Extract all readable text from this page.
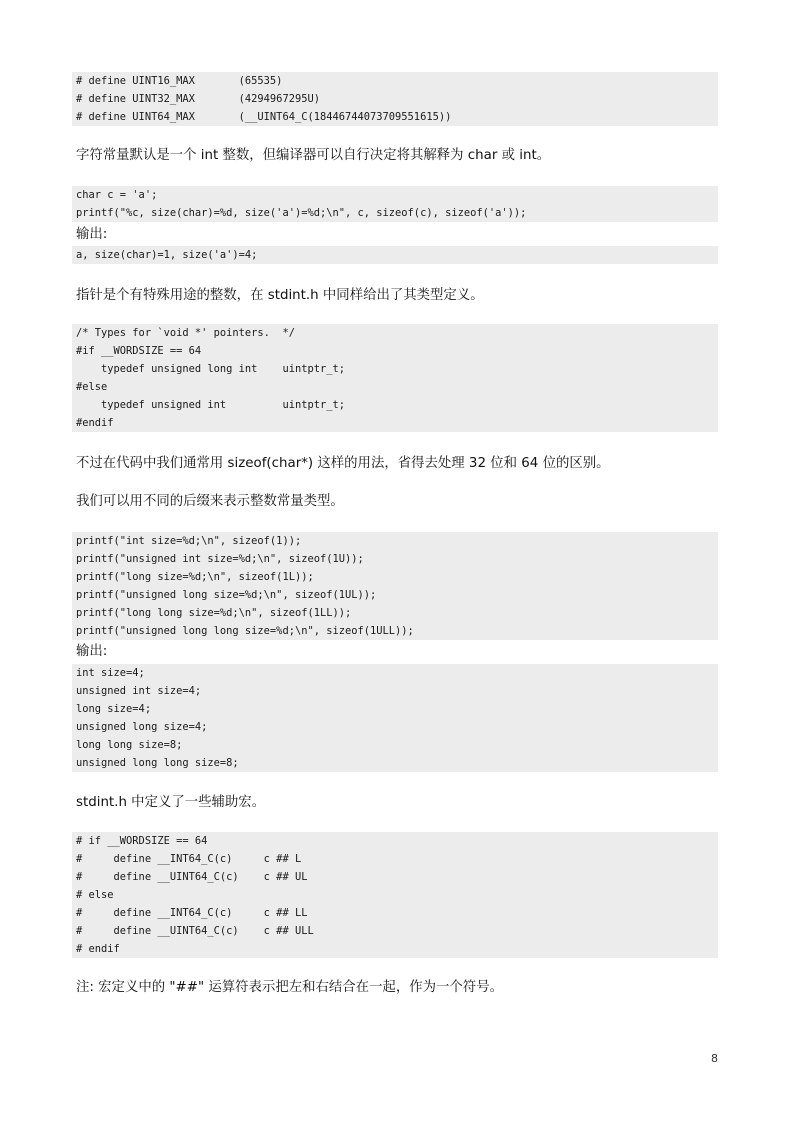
# define UINT16_MAX       (65535)
# define UINT32_MAX       (4294967295U)
# define UINT64_MAX       (__UINT64_C(18446744073709551615))
字符常量默认是一个 int 整数，但编译器可以自行决定将其解释为 char 或 int。
char c = 'a';
printf("%c, size(char)=%d, size('a')=%d;\n", c, sizeof(c), sizeof('a'));
输出:
a, size(char)=1, size('a')=4;
指针是个有特殊用途的整数，在 stdint.h 中同样给出了其类型定义。
/* Types for `void *' pointers.  */
#if __WORDSIZE == 64
typedef unsigned long int    uintptr_t;
#else
typedef unsigned int         uintptr_t;
#endif
不过在代码中我们通常用 sizeof(char*) 这样的用法，省得去处理 32 位和 64 位的区别。
我们可以用不同的后缀来表示整数常量类型。
printf("int size=%d;\n", sizeof(1));
printf("unsigned int size=%d;\n", sizeof(1U));
printf("long size=%d;\n", sizeof(1L));
printf("unsigned long size=%d;\n", sizeof(1UL));
printf("long long size=%d;\n", sizeof(1LL));
printf("unsigned long long size=%d;\n", sizeof(1ULL));
输出:
int size=4;
unsigned int size=4;
long size=4;
unsigned long size=4;
long long size=8;
unsigned long long size=8;
stdint.h 中定义了一些辅助宏。
# if __WORDSIZE == 64
#     define __INT64_C(c)     c ## L
#     define __UINT64_C(c)    c ## UL
# else
#     define __INT64_C(c)     c ## LL
#     define __UINT64_C(c)    c ## ULL
# endif
注: 宏定义中的 "##" 运算符表示把左和右结合在一起，作为一个符号。
8
